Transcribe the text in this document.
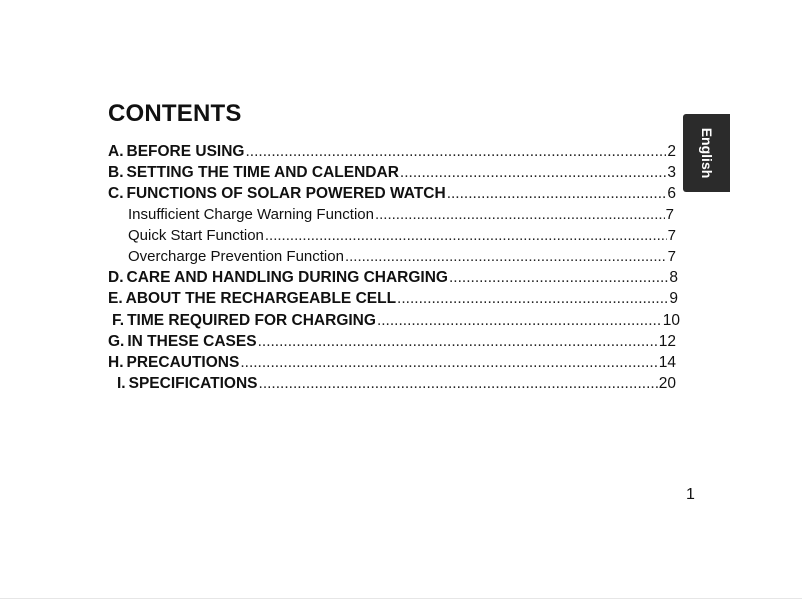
CONTENTS
A. BEFORE USING .....	2
B. SETTING THE TIME AND CALENDAR .....	3
C. FUNCTIONS OF SOLAR POWERED WATCH .....	6
Insufficient Charge Warning Function .....	7
Quick Start Function .....	7
Overcharge Prevention Function .....	7
D. CARE AND HANDLING DURING CHARGING .....	8
E. ABOUT THE RECHARGEABLE CELL .....	9
F. TIME REQUIRED FOR CHARGING .....	10
G. IN THESE CASES .....	12
H. PRECAUTIONS .....	14
I. SPECIFICATIONS .....	20
English
1
